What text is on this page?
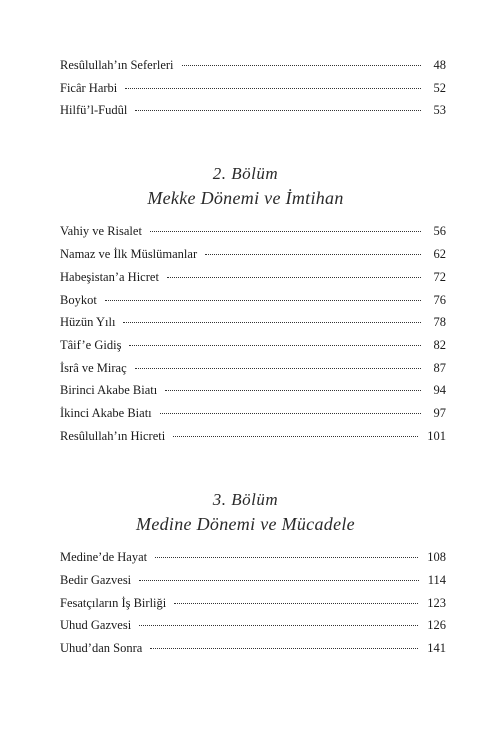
Resûlullah’ın Seferleri	48
Ficâr Harbi	52
Hilfü’l-Fudûl	53
2. Bölüm
Mekke Dönemi ve İmtihan
Vahiy ve Risalet	56
Namaz ve İlk Müslümanlar	62
Habeşistan’a Hicret	72
Boykot	76
Hüzün Yılı	78
Tâif’e Gidiş	82
İsrâ ve Miraç	87
Birinci Akabe Biatı	94
İkinci Akabe Biatı	97
Resûlullah’ın Hicreti	101
3. Bölüm
Medine Dönemi ve Mücadele
Medine’de Hayat	108
Bedir Gazvesi	114
Fesatçıların İş Birliği	123
Uhud Gazvesi	126
Uhud’dan Sonra	141
